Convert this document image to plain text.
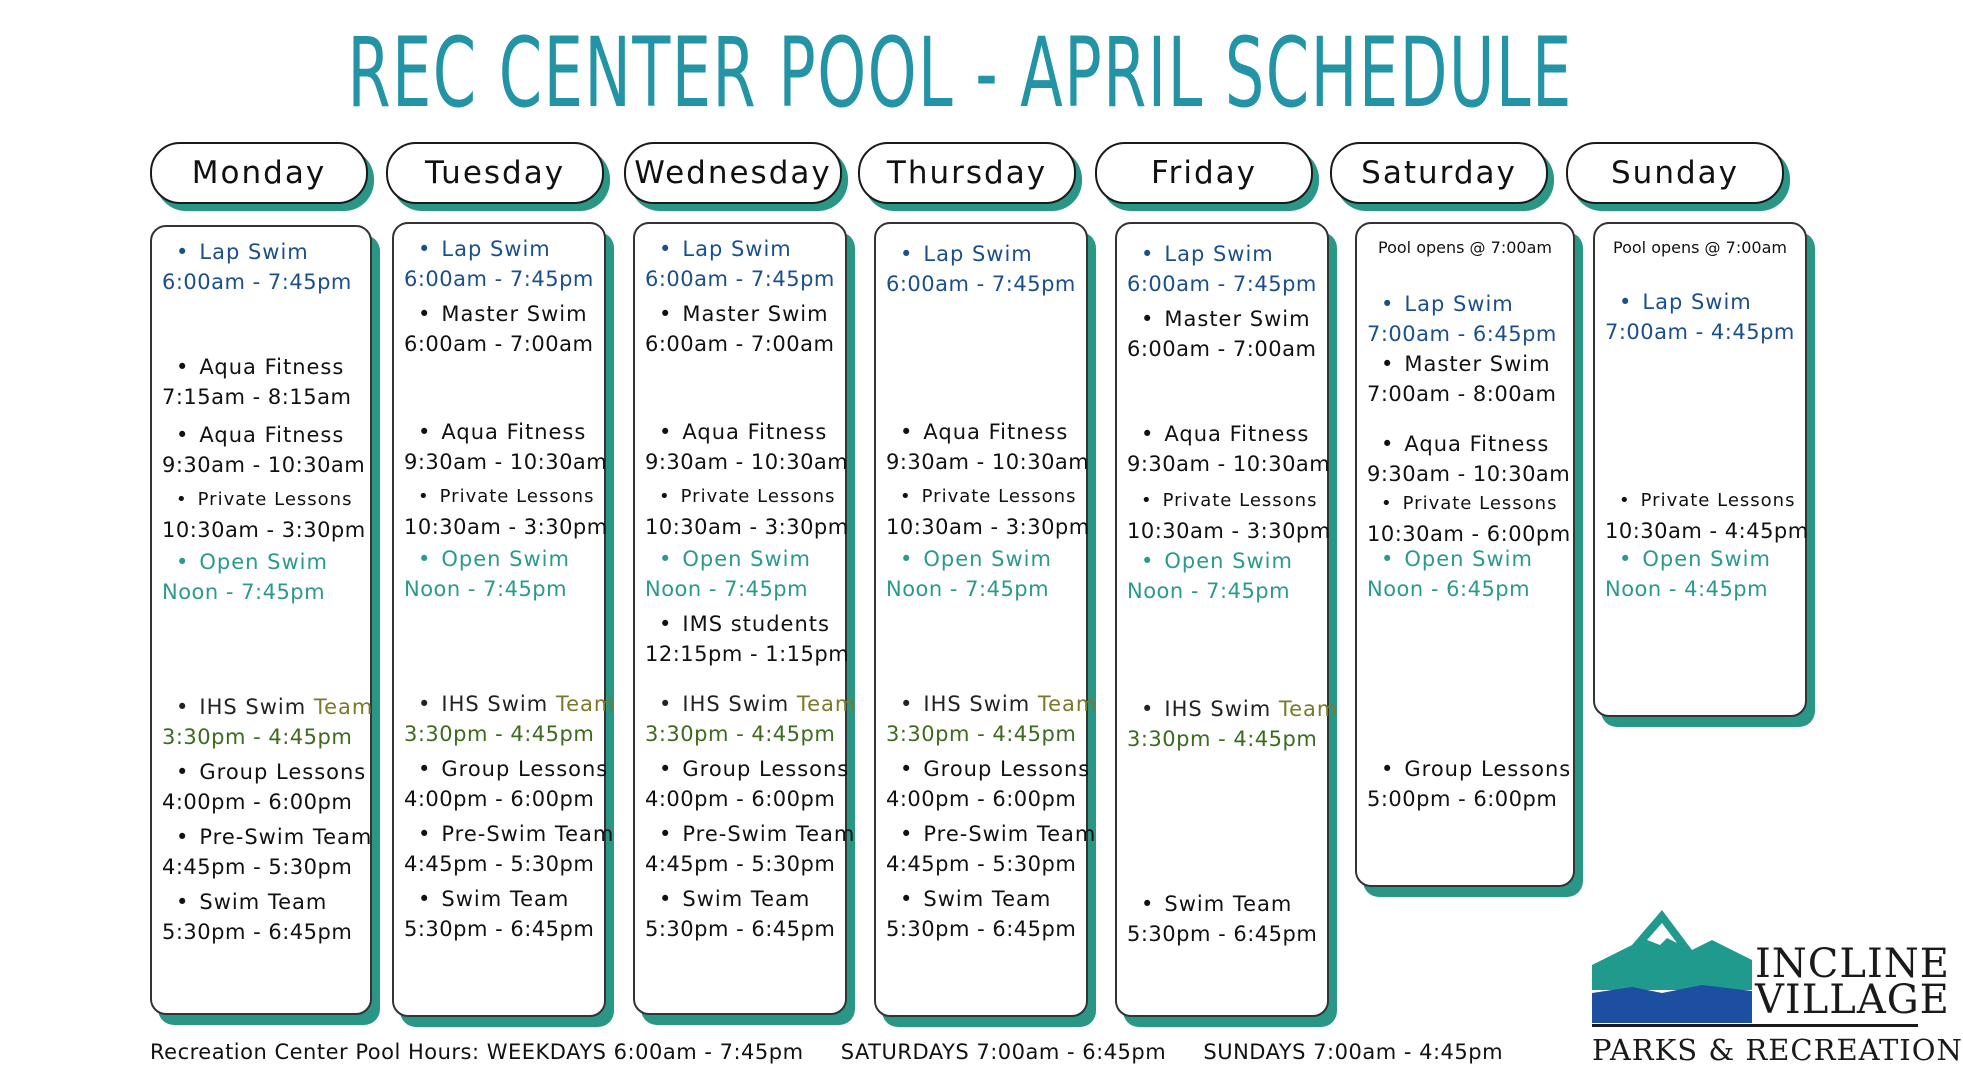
REC CENTER POOL - APRIL SCHEDULE
Monday	Tuesday	Wednesday	Thursday	Friday	Saturday	Sunday
• Lap Swim
6:00am - 7:45pm
• Aqua Fitness
7:15am - 8:15am
• Aqua Fitness
9:30am - 10:30am
• Private Lessons
10:30am - 3:30pm
• Open Swim
Noon - 7:45pm
• IHS Swim Team
3:30pm - 4:45pm
• Group Lessons
4:00pm - 6:00pm
• Pre-Swim Team
4:45pm - 5:30pm
• Swim Team
5:30pm - 6:45pm
• Lap Swim
6:00am - 7:45pm
• Master Swim
6:00am - 7:00am
• Aqua Fitness
9:30am - 10:30am
• Private Lessons
10:30am - 3:30pm
• Open Swim
Noon - 7:45pm
• IHS Swim Team
3:30pm - 4:45pm
• Group Lessons
4:00pm - 6:00pm
• Pre-Swim Team
4:45pm - 5:30pm
• Swim Team
5:30pm - 6:45pm
• Lap Swim
6:00am - 7:45pm
• Master Swim
6:00am - 7:00am
• Aqua Fitness
9:30am - 10:30am
• Private Lessons
10:30am - 3:30pm
• Open Swim
Noon - 7:45pm
• IMS students
12:15pm - 1:15pm
• IHS Swim Team
3:30pm - 4:45pm
• Group Lessons
4:00pm - 6:00pm
• Pre-Swim Team
4:45pm - 5:30pm
• Swim Team
5:30pm - 6:45pm
• Lap Swim
6:00am - 7:45pm
• Aqua Fitness
9:30am - 10:30am
• Private Lessons
10:30am - 3:30pm
• Open Swim
Noon - 7:45pm
• IHS Swim Team
3:30pm - 4:45pm
• Group Lessons
4:00pm - 6:00pm
• Pre-Swim Team
4:45pm - 5:30pm
• Swim Team
5:30pm - 6:45pm
• Lap Swim
6:00am - 7:45pm
• Master Swim
6:00am - 7:00am
• Aqua Fitness
9:30am - 10:30am
• Private Lessons
10:30am - 3:30pm
• Open Swim
Noon - 7:45pm
• IHS Swim Team
3:30pm - 4:45pm
• Swim Team
5:30pm - 6:45pm
Pool opens @ 7:00am
• Lap Swim
7:00am - 6:45pm
• Master Swim
7:00am - 8:00am
• Aqua Fitness
9:30am - 10:30am
• Private Lessons
10:30am - 6:00pm
• Open Swim
Noon - 6:45pm
• Group Lessons
5:00pm - 6:00pm
Pool opens @ 7:00am
• Lap Swim
7:00am - 4:45pm
• Private Lessons
10:30am - 4:45pm
• Open Swim
Noon - 4:45pm
Recreation Center Pool Hours: WEEKDAYS 6:00am - 7:45pm SATURDAYS 7:00am - 6:45pm SUNDAYS 7:00am - 4:45pm
INCLINE
VILLAGE
PARKS & RECREATION
